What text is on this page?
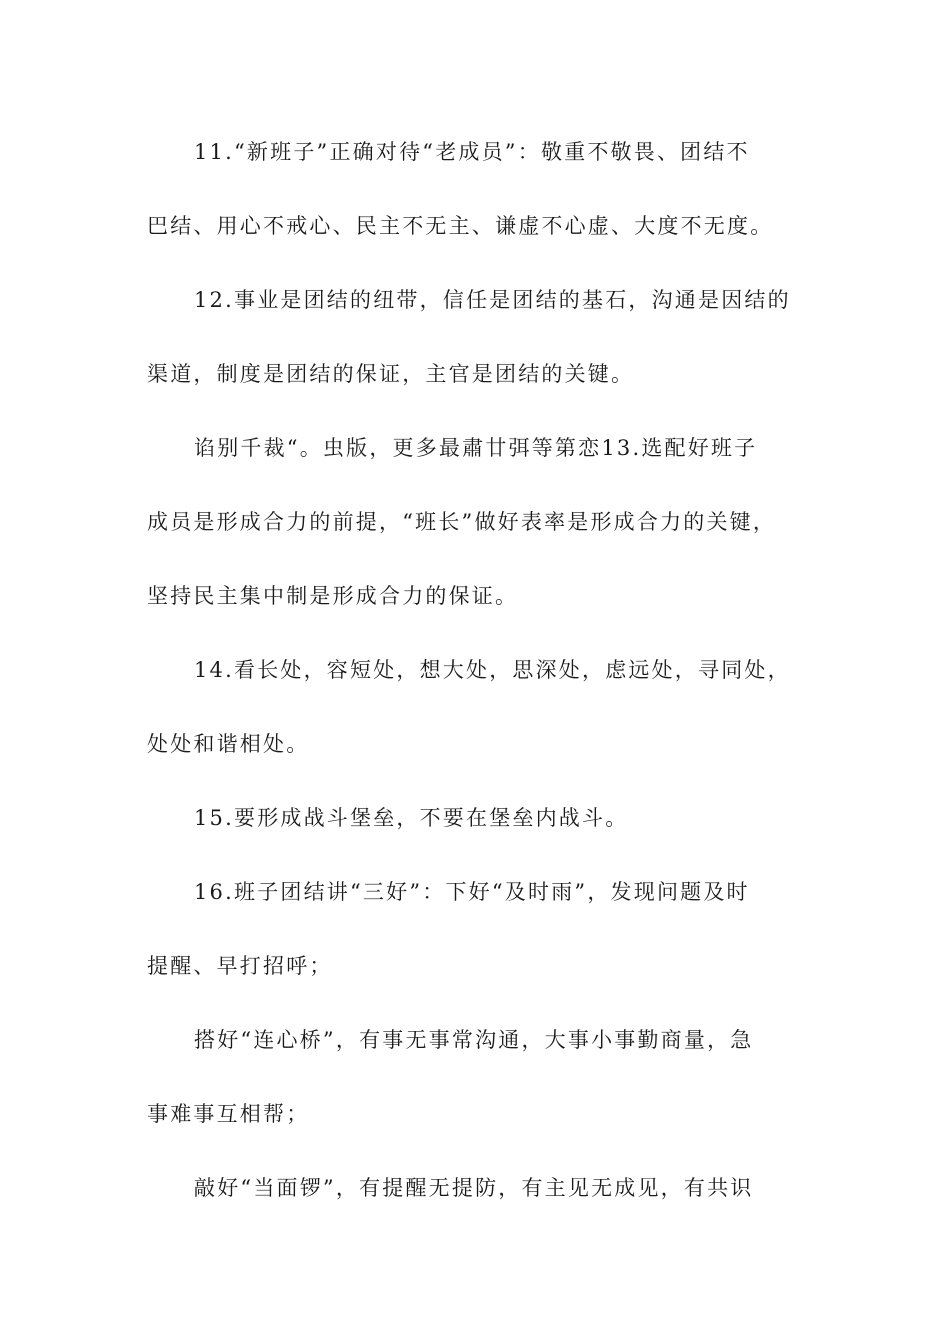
11.“新班子”正确对待“老成员”：敬重不敬畏、团结不
巴结、用心不戒心、民主不无主、谦虚不心虚、大度不无度。
12.事业是团结的纽带，信任是团结的基石，沟通是因结的
渠道，制度是团结的保证，主官是团结的关键。
谄别千裁“。虫版，更多最肅廿弭等第恋13.选配好班子
成员是形成合力的前提，“班长”做好表率是形成合力的关键，
坚持民主集中制是形成合力的保证。
14.看长处，容短处，想大处，思深处，虑远处，寻同处，
处处和谐相处。
15.要形成战斗堡垒，不要在堡垒内战斗。
16.班子团结讲“三好”：下好“及时雨”，发现问题及时
提醒、早打招呼；
搭好“连心桥”，有事无事常沟通，大事小事勤商量，急
事难事互相帮；
敲好“当面锣”，有提醒无提防，有主见无成见，有共识
